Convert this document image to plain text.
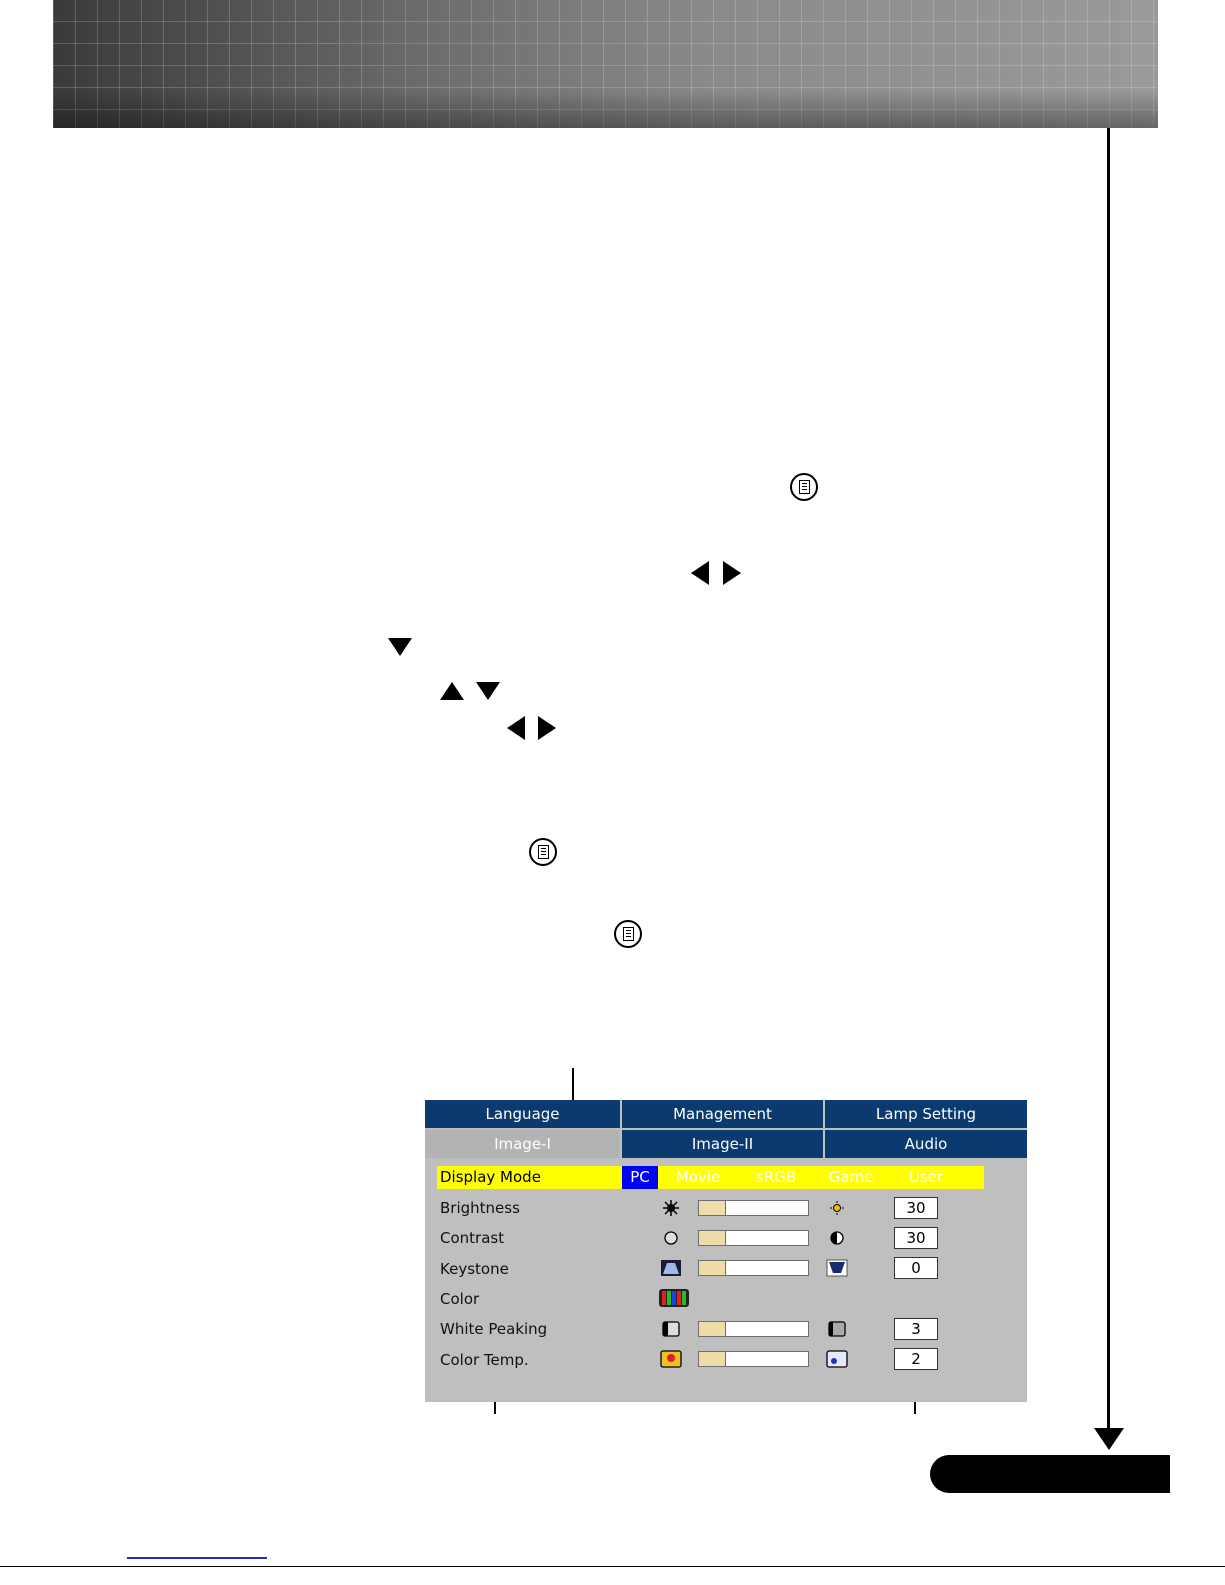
Language	Management	Lamp Setting
Image-I	Image-II	Audio
Display Mode	PC	Movie	sRGB	Game	User
Brightness	30
Contrast	30
Keystone	0
Color
White Peaking	3
Color Temp.	2
